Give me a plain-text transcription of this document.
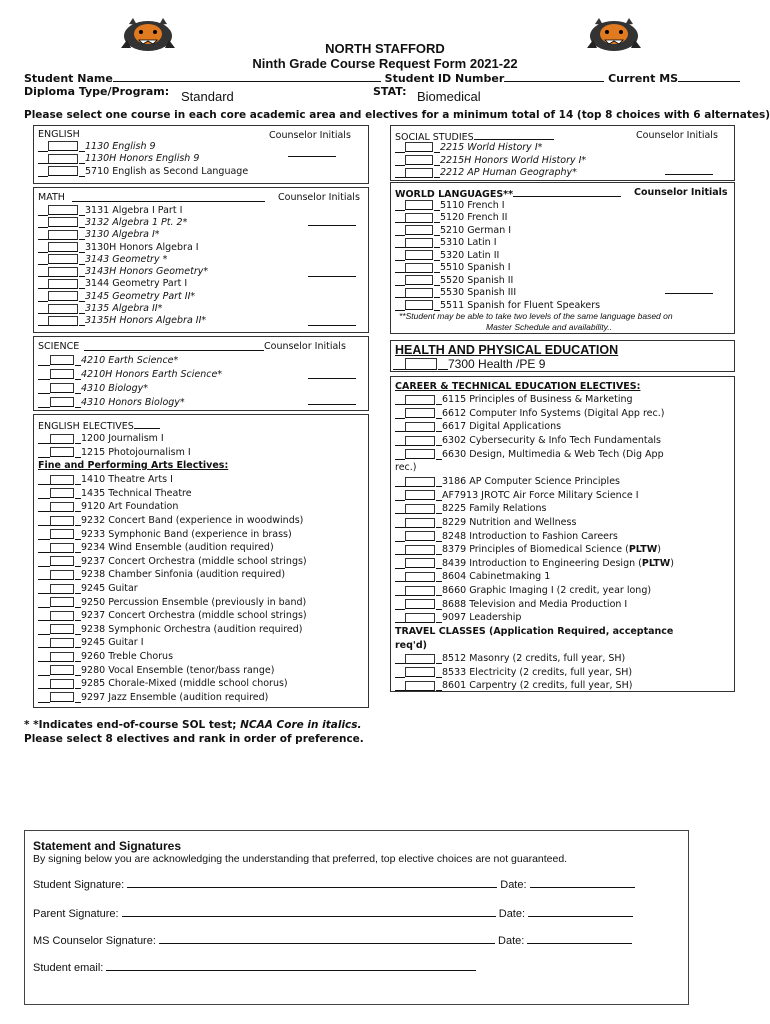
NORTH STAFFORD
Ninth Grade Course Request Form 2021-22
Student Name	Student ID Number	Current MS
Diploma Type/Program: Standard	STAT: Biomedical
Please select one course in each core academic area and electives for a minimum total of 14 (top 8 choices with 6 alternates)
ENGLISH	Counselor Initials
1130 English 9
1130H Honors English 9
5710 English as Second Language
MATH	Counselor Initials
3131 Algebra I Part I
3132 Algebra 1 Pt. 2*
3130 Algebra I*
3130H Honors Algebra I
3143 Geometry *
3143H Honors Geometry*
3144 Geometry Part I
3145 Geometry Part II*
3135 Algebra II*
3135H Honors Algebra II*
SCIENCE	Counselor Initials
4210 Earth Science*
4210H Honors Earth Science*
4310 Biology*
4310 Honors Biology*
ENGLISH ELECTIVES
1200 Journalism I
1215 Photojournalism I
Fine and Performing Arts Electives:
1410 Theatre Arts I
1435 Technical Theatre
9120 Art Foundation
9232 Concert Band (experience in woodwinds)
9233 Symphonic Band (experience in brass)
9234 Wind Ensemble (audition required)
9237 Concert Orchestra (middle school strings)
9238 Chamber Sinfonia (audition required)
9245 Guitar
9250 Percussion Ensemble (previously in band)
9237 Concert Orchestra (middle school strings)
9238 Symphonic Orchestra (audition required)
9245 Guitar I
9260 Treble Chorus
9280 Vocal Ensemble (tenor/bass range)
9285 Chorale-Mixed (middle school chorus)
9297 Jazz Ensemble (audition required)
* *Indicates end-of-course SOL test; NCAA Core in italics.
Please select 8 electives and rank in order of preference.
SOCIAL STUDIES	Counselor Initials
2215 World History I*
2215H Honors World History I*
2212 AP Human Geography*
WORLD LANGUAGES**	Counselor Initials
5110 French I
5120 French II
5210 German I
5310 Latin I
5320 Latin II
5510 Spanish I
5520 Spanish II
5530 Spanish III
5511 Spanish for Fluent Speakers
**Student may be able to take two levels of the same language based on
Master Schedule and availability..
HEALTH AND PHYSICAL EDUCATION
7300 Health /PE 9
CAREER & TECHNICAL EDUCATION ELECTIVES:
6115 Principles of Business & Marketing
6612 Computer Info Systems (Digital App rec.)
6617 Digital Applications
6302 Cybersecurity & Info Tech Fundamentals
6630 Design, Multimedia & Web Tech (Dig App
rec.)
3186 AP Computer Science Principles
AF7913 JROTC Air Force Military Science I
8225 Family Relations
8229 Nutrition and Wellness
8248 Introduction to Fashion Careers
8379 Principles of Biomedical Science ( PLTW )
8439 Introduction to Engineering Design ( PLTW )
8604 Cabinetmaking 1
8660 Graphic Imaging I (2 credit, year long)
8688 Television and Media Production I
9097 Leadership
TRAVEL CLASSES (Application Required, acceptance
req'd)
8512 Masonry (2 credits, full year, SH)
8533 Electricity (2 credits, full year, SH)
8601 Carpentry (2 credits, full year, SH)
Statement and Signatures
By signing below you are acknowledging the understanding that preferred, top elective choices are not guaranteed.
Student Signature:	Date:
Parent Signature:	Date:
MS Counselor Signature:	Date:
Student email:
